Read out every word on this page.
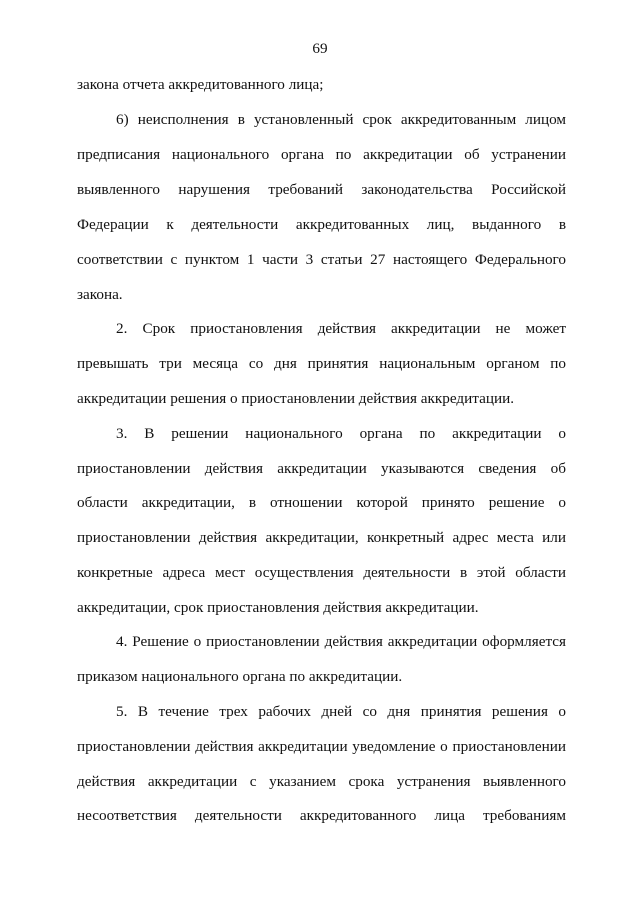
69
закона отчета аккредитованного лица;
6) неисполнения в установленный срок аккредитованным лицом
предписания национального органа по аккредитации об устранении
выявленного нарушения требований законодательства Российской
Федерации к деятельности аккредитованных лиц, выданного в
соответствии с пунктом 1 части 3 статьи 27 настоящего Федерального
закона.
2. Срок приостановления действия аккредитации не может
превышать три месяца со дня принятия национальным органом по
аккредитации решения о приостановлении действия аккредитации.
3. В решении национального органа по аккредитации о
приостановлении действия аккредитации указываются сведения об
области аккредитации, в отношении которой принято решение о
приостановлении действия аккредитации, конкретный адрес места или
конкретные адреса мест осуществления деятельности в этой области
аккредитации, срок приостановления действия аккредитации.
4. Решение о приостановлении действия аккредитации оформляется
приказом национального органа по аккредитации.
5. В течение трех рабочих дней со дня принятия решения о
приостановлении действия аккредитации уведомление о приостановлении
действия аккредитации с указанием срока устранения выявленного
несоответствия деятельности аккредитованного лица требованиям
